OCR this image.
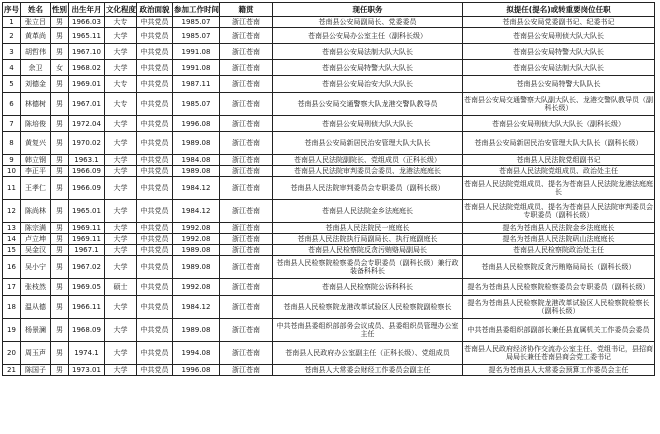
序号	姓名	性别	出生年月	文化程度	政治面貌	参加工作时间	籍贯	现任职务	拟提任(提名)或转重要岗位任职
1	张立吕	男	1966.03	大专	中共党员	1985.07	浙江苍南	苍南县公安局副局长、党委委员	苍南县公安局党委副书记、纪委书记
2	黄革尚	男	1965.11	大学	中共党员	1985.07	浙江苍南	苍南县公安局办公室主任（副科长级）	苍南县公安局刑侦大队大队长
3	胡哲伟	男	1967.10	大学	中共党员	1991.08	浙江苍南	苍南县公安局法制大队大队长	苍南县公安局特警大队大队长
4	余卫	女	1968.02	大学	中共党员	1991.08	浙江苍南	苍南县公安局特警大队大队长	苍南县公安局法制大队大队长
5	刘德金	男	1969.01	大专	中共党员	1987.11	浙江苍南	苍南县公安局治安大队大队长	苍南县公安局特警大队队长
6	林德树	男	1967.01	大专	中共党员	1985.07	浙江苍南	苍南县公安局交通警察大队龙港交警队教导员	苍南县公安局交通警察大队副大队长、龙港交警队教导员（副科长级）
7	陈培俊	男	1972.04	大学	中共党员	1996.08	浙江苍南	苍南县公安局刑侦大队大队长	苍南县公安局刑侦大队大队长（副科长级）
8	黄复兴	男	1970.02	大学	中共党员	1989.08	浙江苍南	苍南县公安局新居民治安管理大队大队长	苍南县公安局新居民治安管理大队大队长（副科长级）
9	韩立钢	男	1963.1	大学	中共党员	1984.08	浙江苍南	苍南县人民法院副院长、党组成员（正科长级）	苍南县人民法院党组副书记
10	李正平	男	1966.09	大学	中共党员	1989.08	浙江苍南	苍南县人民法院审判委员会委员、龙港法庭庭长	苍南县人民法院党组成员、政治处主任
11	王孝仁	男	1966.09	大学	中共党员	1984.12	浙江苍南	苍南县人民法院审判委员会专职委员（副科长级）	苍南县人民法院党组成员、提名为苍南县人民法院龙港法庭庭长
12	陈尚林	男	1965.01	大学	中共党员	1984.12	浙江苍南	苍南县人民法院金乡法庭庭长	苍南县人民法院党组成员、提名为苍南县人民法院审判委员会专职委员（副科长级）
13	陈宗满	男	1969.11	大学	中共党员	1992.08	浙江苍南	苍南县人民法院民一庭庭长	提名为苍南县人民法院金乡法庭庭长
14	卢立坤	男	1969.11	大学	中共党员	1992.08	浙江苍南	苍南县人民法院执行局副局长、执行庭副庭长	提名为苍南县人民法院矾山法庭庭长
15	吴金汉	男	1967.1	大学	中共党员	1989.08	浙江苍南	苍南县人民检察院反贪污贿赂局副局长	苍南县人民检察院政治处主任
16	吴小宁	男	1967.02	大学	中共党员	1989.08	浙江苍南	苍南县人民检察院检察委员会专职委员（副科长级）兼行政装备科科长	苍南县人民检察院反贪污贿赂局局长（副科长级）
17	张枝然	男	1969.05	硕士	中共党员	1992.08	浙江苍南	苍南县人民检察院公诉科科长	提名为苍南县人民检察院检察委员会专职委员（副科长级）
18	温从德	男	1966.11	大学	中共党员	1984.12	浙江苍南	苍南县人民检察院龙港改革试验区人民检察院副检察长	提名为苍南县人民检察院龙港改革试验区人民检察院检察长（副科长级）
19	杨景澜	男	1968.09	大学	中共党员	1989.08	浙江苍南	中共苍南县委组织部部务会议成员、县委组织员管理办公室主任	中共苍南县委组织部副部长兼任县直属机关工作委员会委员
20	周玉声	男	1974.1	大学	中共党员	1994.08	浙江苍南	苍南县人民政府办公室副主任（正科长级）、党组成员	苍南县人民政府经济协作交流办公室主任、党组书记，县招商局局长兼任苍南县商会党工委书记
21	陈国子	男	1973.01	大学	中共党员	1996.08	浙江苍南	苍南县人大常委会财经工作委员会副主任	提名为苍南县人大常委会预算工作委员会主任
